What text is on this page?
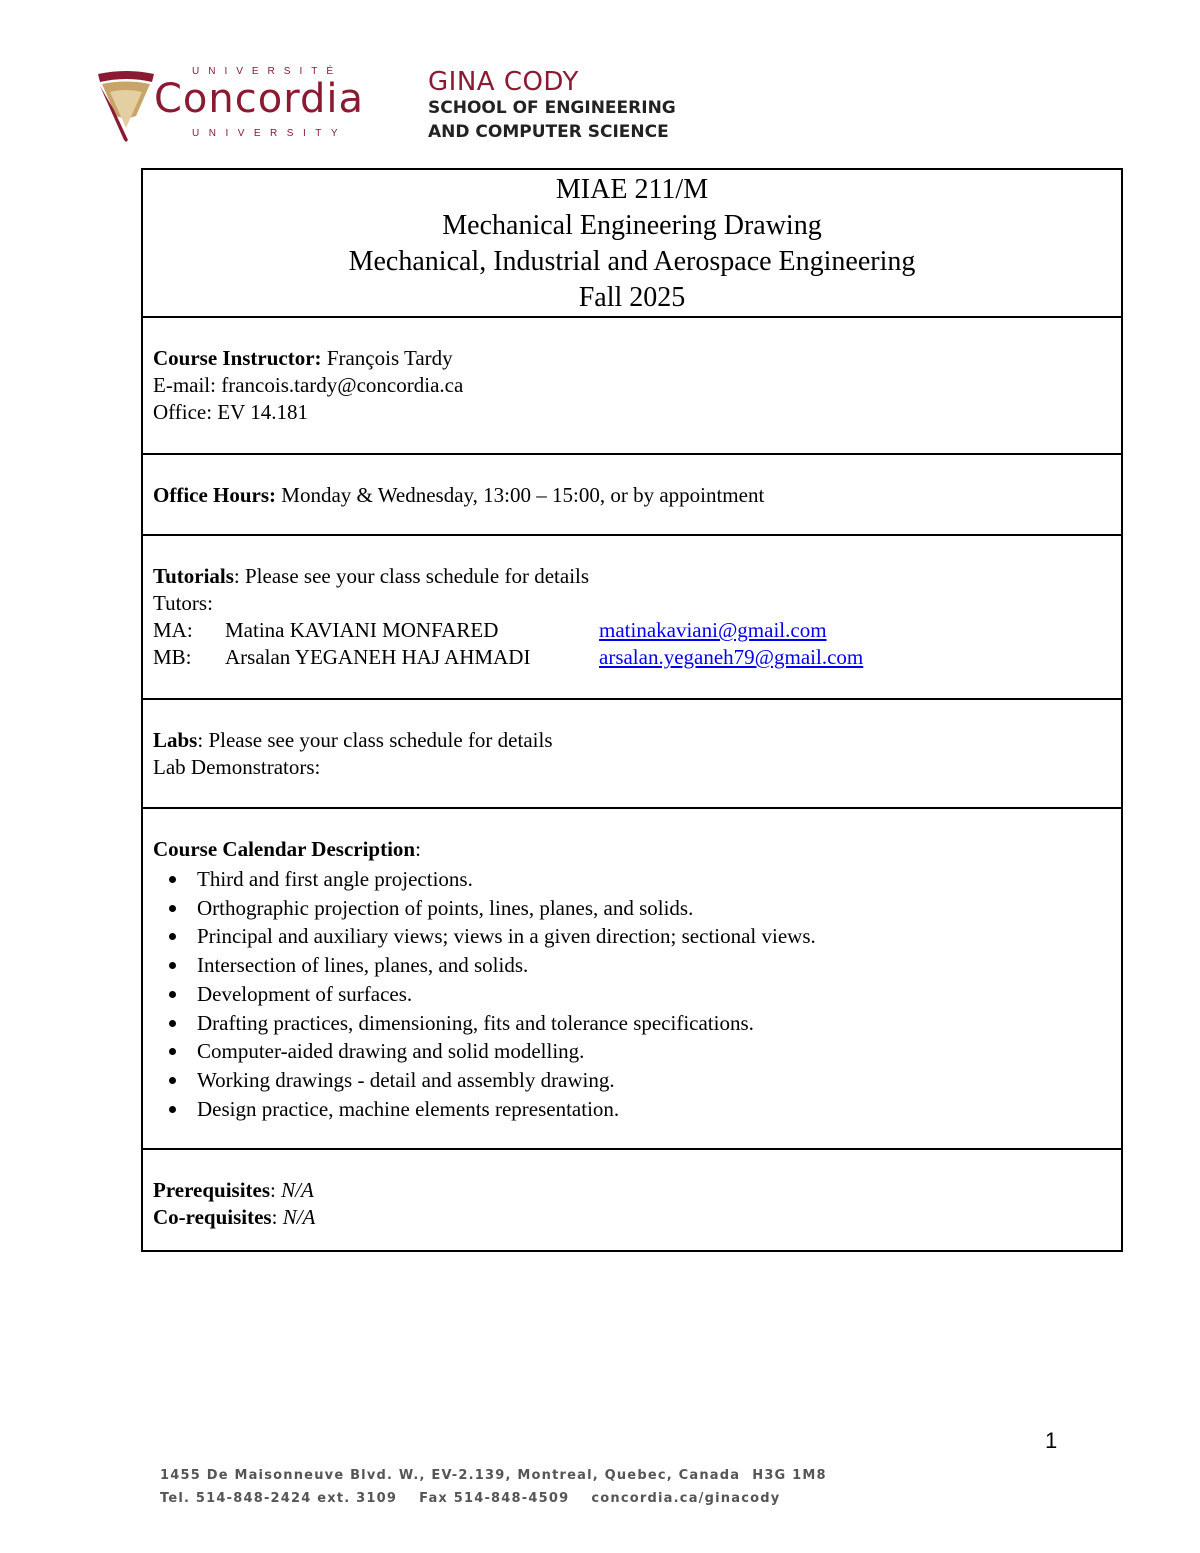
UNIVERSITÉ
Concordia
UNIVERSITY
GINA CODY
SCHOOL OF ENGINEERING
AND COMPUTER SCIENCE
MIAE 211/M
Mechanical Engineering Drawing
Mechanical, Industrial and Aerospace Engineering
Fall 2025

Course Instructor: François Tardy
E-mail: francois.tardy@concordia.ca
Office: EV 14.181

Office Hours: Monday & Wednesday, 13:00 – 15:00, or by appointment

Tutorials: Please see your class schedule for details
Tutors:
MA:	Matina KAVIANI MONFARED	matinakaviani@gmail.com
MB:	Arsalan YEGANEH HAJ AHMADI	arsalan.yeganeh79@gmail.com

Labs: Please see your class schedule for details
Lab Demonstrators:

Course Calendar Description:
Third and first angle projections.
Orthographic projection of points, lines, planes, and solids.
Principal and auxiliary views; views in a given direction; sectional views.
Intersection of lines, planes, and solids.
Development of surfaces.
Drafting practices, dimensioning, fits and tolerance specifications.
Computer-aided drawing and solid modelling.
Working drawings - detail and assembly drawing.
Design practice, machine elements representation.

Prerequisites: N/A
Co-requisites: N/A
1
1455 De Maisonneuve Blvd. W., EV-2.139, Montreal, Quebec, Canada H3G 1M8
Tel. 514-848-2424 ext. 3109 Fax 514-848-4509 concordia.ca/ginacody
